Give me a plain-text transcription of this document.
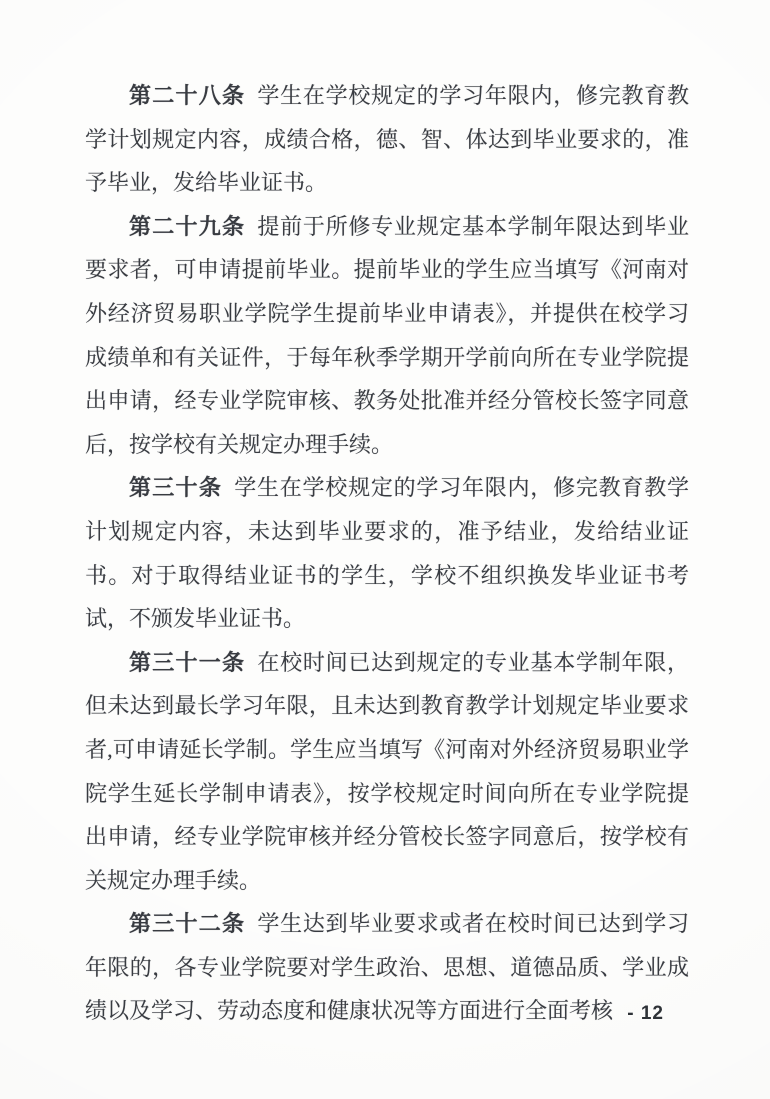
第二十八条 学生在学校规定的学习年限内，修完教育教学计划规定内容，成绩合格，德、智、体达到毕业要求的，准予毕业，发给毕业证书。

第二十九条 提前于所修专业规定基本学制年限达到毕业要求者，可申请提前毕业。提前毕业的学生应当填写《河南对外经济贸易职业学院学生提前毕业申请表》，并提供在校学习成绩单和有关证件，于每年秋季学期开学前向所在专业学院提出申请，经专业学院审核、教务处批准并经分管校长签字同意后，按学校有关规定办理手续。

第三十条 学生在学校规定的学习年限内，修完教育教学计划规定内容，未达到毕业要求的，准予结业，发给结业证书。对于取得结业证书的学生，学校不组织换发毕业证书考试，不颁发毕业证书。

第三十一条 在校时间已达到规定的专业基本学制年限，但未达到最长学习年限，且未达到教育教学计划规定毕业要求者,可申请延长学制。学生应当填写《河南对外经济贸易职业学院学生延长学制申请表》，按学校规定时间向所在专业学院提出申请，经专业学院审核并经分管校长签字同意后，按学校有关规定办理手续。

第三十二条 学生达到毕业要求或者在校时间已达到学习年限的，各专业学院要对学生政治、思想、道德品质、学业成绩以及学习、劳动态度和健康状况等方面进行全面考核 - 12
